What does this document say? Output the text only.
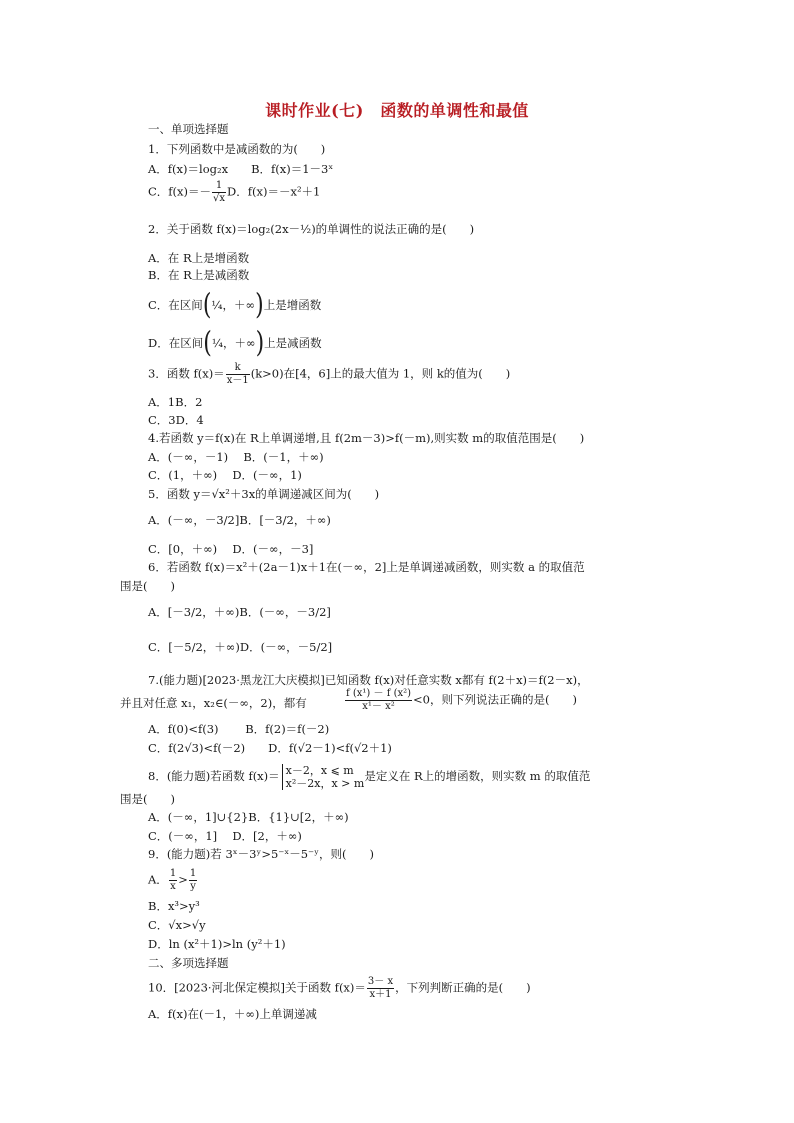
课时作业(七)　函数的单调性和最值
一、单项选择题
1．下列函数中是减函数的为(　　)
A．f(x)＝log₂x　　B．f(x)＝1－3ˣ
2．关于函数 f(x)＝log₂(2x－½)的单调性的说法正确的是(　　)
A．在 R上是增函数
B．在 R上是减函数
A．1B．2
C．3D．4
4.若函数 y＝f(x)在 R上单调递增,且 f(2m－3)>f(－m),则实数 m的取值范围是(　　)
A．(－∞，－1)　 B．(－1，＋∞)
C．(1，＋∞)　 D．(－∞，1)
C．[0，＋∞)　 D．(－∞，－3]
6．若函数 f(x)＝x²＋(2a－1)x＋1在(－∞，2]上是单调递减函数，则实数 a 的取值范
围是(　　)
7.(能力题)[2023·黑龙江大庆模拟]已知函数 f(x)对任意实数 x都有 f(2＋x)＝f(2－x)，
并且对任意 x₁，x₂∈(－∞，2)，都有
A．f(0)<f(3)　　 B．f(2)＝f(－2)
C．f(2√3)<f(－2)　　D．f(√2－1)<f(√2＋1)
围是(　　)
A．(－∞，1]∪{2}B．{1}∪[2，＋∞)
C．(－∞，1]　 D．[2，＋∞)
9．(能力题)若 3ˣ－3ʸ>5⁻ˣ－5⁻ʸ，则(　　)
B．x³>y³
C．√x>√y
D．ln (x²＋1)>ln (y²＋1)
二、多项选择题
A．f(x)在(－1，＋∞)上单调递减
C．$f(x)=- \frac{1}{√x}$ D．f(x)＝－x²＋1
C．在区间(¼，＋∞)上是增函数
D．在区间(¼，＋∞)上是减函数
3．函数 $f(x)= \frac{k}{x-1} (k>0)$在[4，6]上的最大值为 1，则 k的值为(　　)
5．函数 y＝√x²＋3x的单调递减区间为(　　)
A．(－∞，－3/2]B．[－3/2，＋∞)
A．[－3/2，＋∞)B．(－∞，－3/2]
C．[－5/2，＋∞)D．(－∞，－5/2]
$\frac{\text{f (x¹) － f (x²)}}{\text{x¹－ x²}} <0$，则下列说法正确的是(　　)
8．(能力题)若函数 f(x)＝ x－2，x ⩽ m
x²－2x，x > m
是定义在 R上的增函数，则实数 m 的取值范
A． $\frac{1}{x} > \frac{1}{y}$
10．[2023·河北保定模拟]关于函数 $f(x)= \frac{3- x}{x+1}$ ，下列判断正确的是(　　)
